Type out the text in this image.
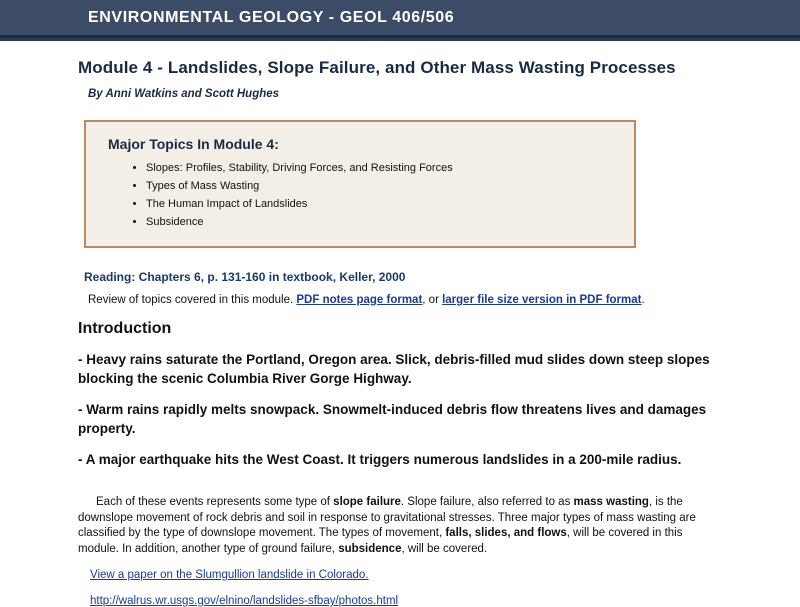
ENVIRONMENTAL GEOLOGY - GEOL 406/506
Module 4 - Landslides, Slope Failure, and Other Mass Wasting Processes
By Anni Watkins and Scott Hughes
Major Topics In Module 4:
• Slopes: Profiles, Stability, Driving Forces, and Resisting Forces
• Types of Mass Wasting
• The Human Impact of Landslides
• Subsidence
Reading: Chapters 6, p. 131-160 in textbook, Keller, 2000
Review of topics covered in this module. PDF notes page format, or larger file size version in PDF format.
Introduction
- Heavy rains saturate the Portland, Oregon area. Slick, debris-filled mud slides down steep slopes blocking the scenic Columbia River Gorge Highway.
- Warm rains rapidly melts snowpack. Snowmelt-induced debris flow threatens lives and damages property.
- A major earthquake hits the West Coast. It triggers numerous landslides in a 200-mile radius.
Each of these events represents some type of slope failure. Slope failure, also referred to as mass wasting, is the downslope movement of rock debris and soil in response to gravitational stresses. Three major types of mass wasting are classified by the type of downslope movement. The types of movement, falls, slides, and flows, will be covered in this module. In addition, another type of ground failure, subsidence, will be covered.
View a paper on the Slumgullion landslide in Colorado.
http://walrus.wr.usgs.gov/elnino/landslides-sfbay/photos.html
